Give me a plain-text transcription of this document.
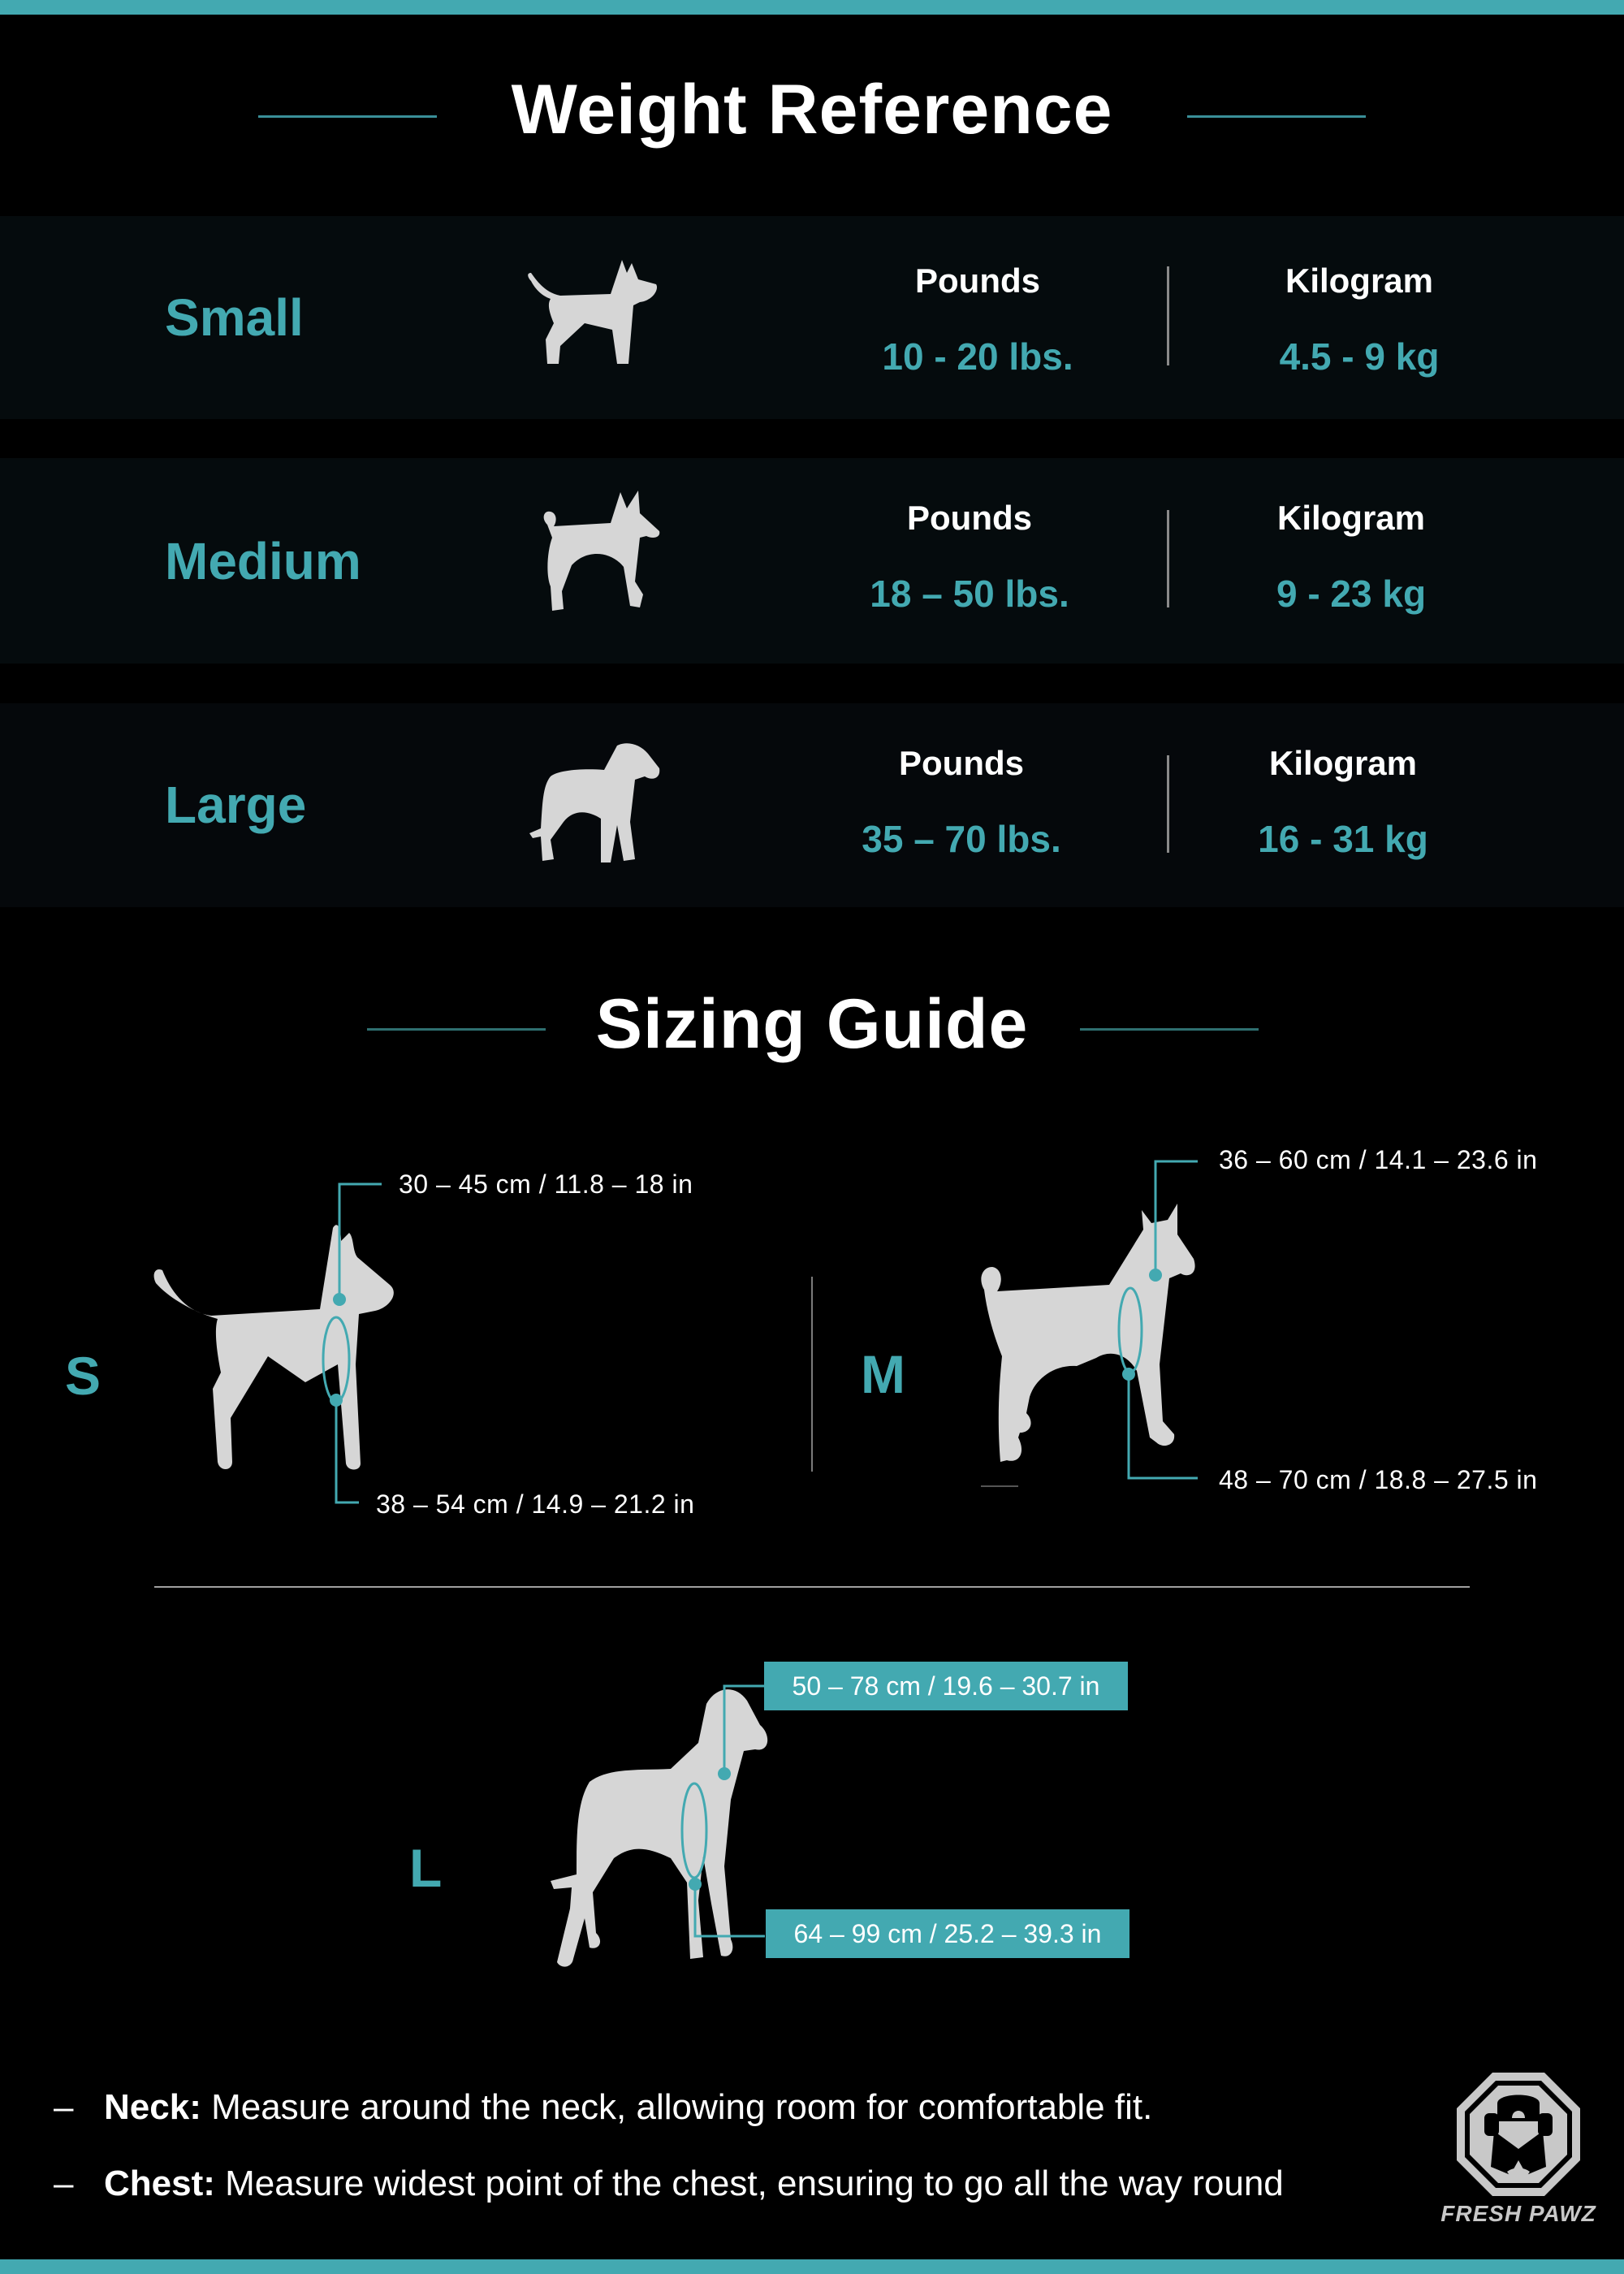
Weight Reference
Small
Pounds
10 - 20 lbs.
Kilogram
4.5 - 9 kg
Medium
Pounds
18 – 50 lbs.
Kilogram
9 - 23 kg
Large
Pounds
35 – 70 lbs.
Kilogram
16 - 31 kg
Sizing Guide
S
30 – 45 cm / 11.8 – 18 in
38 – 54 cm / 14.9 – 21.2 in
M
36 – 60 cm / 14.1 – 23.6 in
48 – 70 cm / 18.8 – 27.5 in
L
50 – 78 cm / 19.6 – 30.7 in
64 – 99 cm / 25.2 – 39.3 in
– Neck: Measure around the neck, allowing room for comfortable fit.
– Chest: Measure widest point of the chest, ensuring to go all the way round
FRESH PAWZ
